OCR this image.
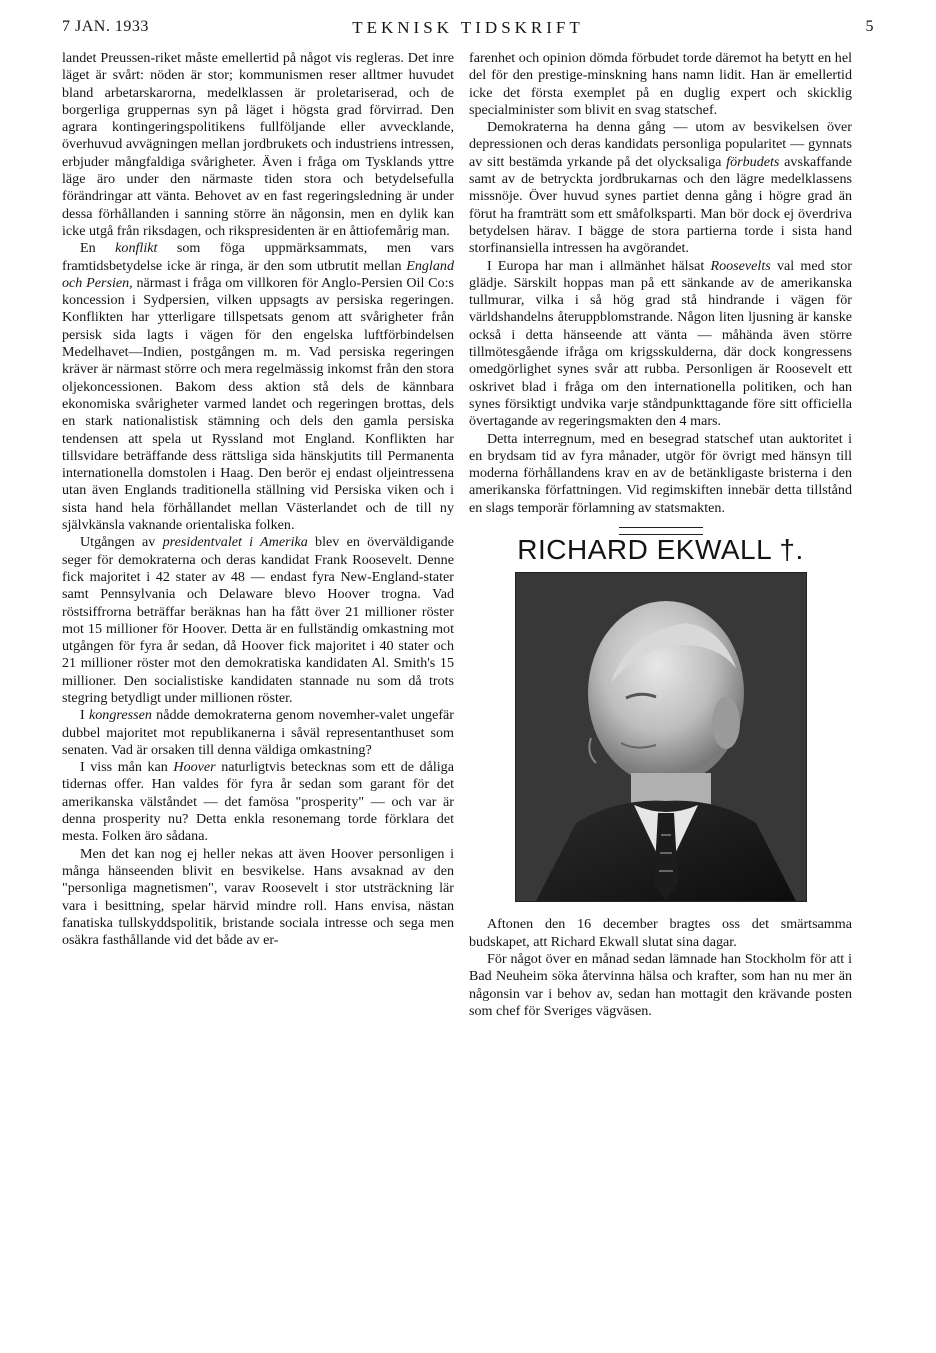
7 JAN. 1933	TEKNISK TIDSKRIFT	5

landet Preussen-riket måste emellertid på något vis regleras. Det inre läget är svårt: nöden är stor; kommunismen reser alltmer huvudet bland arbetarskarorna, medelklassen är proletariserad, och de borgerliga gruppernas syn på läget i högsta grad förvirrad. Den agrara kontingeringspolitikens fullföljande eller avvecklande, överhuvud avvägningen mellan jordbrukets och industriens intressen, erbjuder mångfaldiga svårigheter. Även i fråga om Tysklands yttre läge äro under den närmaste tiden stora och betydelsefulla förändringar att vänta. Behovet av en fast regeringsledning är under dessa förhållanden i sanning större än någonsin, men en dylik kan icke utgå från riksdagen, och rikspresidenten är en åttiofemårig man.

En konflikt som föga uppmärksammats, men vars framtidsbetydelse icke är ringa, är den som utbrutit mellan England och Persien, närmast i fråga om villkoren för Anglo-Persien Oil Co:s koncession i Sydpersien, vilken uppsagts av persiska regeringen. Konflikten har ytterligare tillspetsats genom att svårigheter från persisk sida lagts i vägen för den engelska luftförbindelsen Medelhavet—Indien, postgången m. m. Vad persiska regeringen kräver är närmast större och mera regelmässig inkomst från den stora oljekoncessionen. Bakom dess aktion stå dels de kännbara ekonomiska svårigheter varmed landet och regeringen brottas, dels en stark nationalistisk stämning och dels den gamla persiska tendensen att spela ut Ryssland mot England. Konflikten har tillsvidare beträffande dess rättsliga sida hänskjutits till Permanenta internationella domstolen i Haag. Den berör ej endast oljeintressena utan även Englands traditionella ställning vid Persiska viken och i sista hand hela förhållandet mellan Västerlandet och de till ny självkänsla vaknande orientaliska folken.

Utgången av presidentvalet i Amerika blev en överväldigande seger för demokraterna och deras kandidat Frank Roosevelt. Denne fick majoritet i 42 stater av 48 — endast fyra New-England-stater samt Pennsylvania och Delaware blevo Hoover trogna. Vad röstsiffrorna beträffar beräknas han ha fått över 21 millioner röster mot 15 millioner för Hoover. Detta är en fullständig omkastning mot utgången för fyra år sedan, då Hoover fick majoritet i 40 stater och 21 millioner röster mot den demokratiska kandidaten Al. Smith's 15 millioner. Den socialistiske kandidaten stannade nu som då trots stegring betydligt under millionen röster.

I kongressen nådde demokraterna genom novemher-valet ungefär dubbel majoritet mot republikanerna i såväl representanthuset som senaten. Vad är orsaken till denna väldiga omkastning?

I viss mån kan Hoover naturligtvis betecknas som ett de dåliga tidernas offer. Han valdes för fyra år sedan som garant för det amerikanska välståndet — det famösa "prosperity" — och var är denna prosperity nu? Detta enkla resonemang torde förklara det mesta. Folken äro sådana.

Men det kan nog ej heller nekas att även Hoover personligen i många hänseenden blivit en besvikelse. Hans avsaknad av den "personliga magnetismen", varav Roosevelt i stor utsträckning lär vara i besittning, spelar härvid mindre roll. Hans envisa, nästan fanatiska tullskyddspolitik, bristande sociala intresse och sega men osäkra fasthållande vid det både av er-

farenhet och opinion dömda förbudet torde däremot ha betytt en hel del för den prestige-minskning hans namn lidit. Han är emellertid icke det första exemplet på en duglig expert och skicklig specialminister som blivit en svag statschef.

Demokraterna ha denna gång — utom av besvikelsen över depressionen och deras kandidats personliga popularitet — gynnats av sitt bestämda yrkande på det olycksaliga förbudets avskaffande samt av de betryckta jordbrukarnas och den lägre medelklassens missnöje. Över huvud synes partiet denna gång i högre grad än förut ha framträtt som ett småfolksparti. Man bör dock ej överdriva betydelsen härav. I bägge de stora partierna torde i sista hand storfinansiella intressen ha avgörandet.

I Europa har man i allmänhet hälsat Roosevelts val med stor glädje. Särskilt hoppas man på ett sänkande av de amerikanska tullmurar, vilka i så hög grad stå hindrande i vägen för världshandelns återuppblomstrande. Någon liten ljusning är kanske också i detta hänseende att vänta — måhända även större tillmötesgående ifråga om krigsskulderna, där dock kongressens omedgörlighet synes svår att rubba. Personligen är Roosevelt ett oskrivet blad i fråga om den internationella politiken, och han synes försiktigt undvika varje ståndpunkttagande före sitt officiella övertagande av regeringsmakten den 4 mars.

Detta interregnum, med en besegrad statschef utan auktoritet i en brydsam tid av fyra månader, utgör för övrigt med hänsyn till moderna förhållandens krav en av de betänkligaste bristerna i den amerikanska författningen. Vid regimskiften innebär detta tillstånd en slags temporär förlamning av statsmakten.

RICHARD EKWALL †.

Aftonen den 16 december bragtes oss det smärtsamma budskapet, att Richard Ekwall slutat sina dagar.

För något över en månad sedan lämnade han Stockholm för att i Bad Neuheim söka återvinna hälsa och krafter, som han nu mer än någonsin var i behov av, sedan han mottagit den krävande posten som chef för Sveriges vägväsen.
